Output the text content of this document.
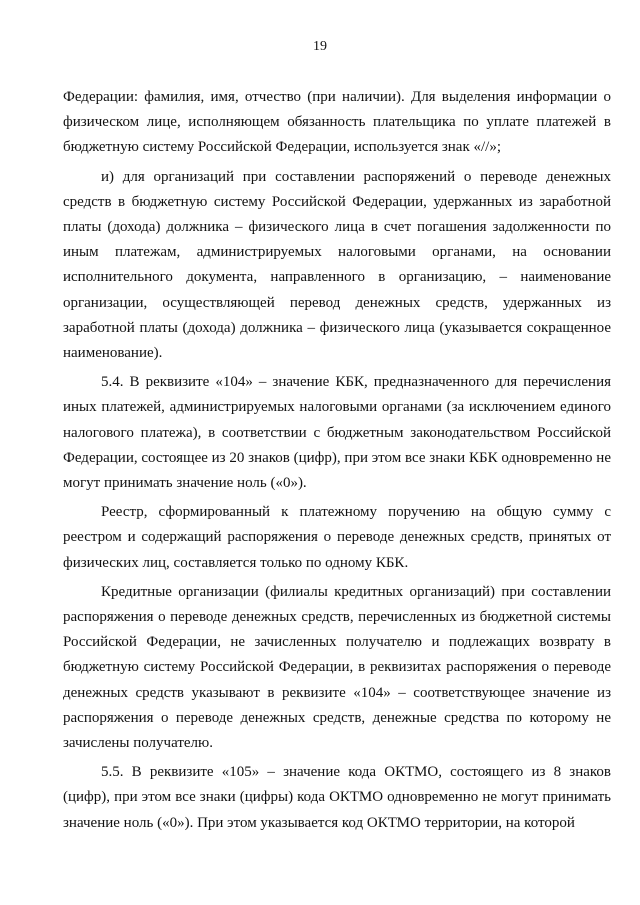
19

Федерации: фамилия, имя, отчество (при наличии). Для выделения информации о физическом лице, исполняющем обязанность плательщика по уплате платежей в бюджетную систему Российской Федерации, используется знак «//»;

и) для организаций при составлении распоряжений о переводе денежных средств в бюджетную систему Российской Федерации, удержанных из заработной платы (дохода) должника – физического лица в счет погашения задолженности по иным платежам, администрируемых налоговыми органами, на основании исполнительного документа, направленного в организацию, – наименование организации, осуществляющей перевод денежных средств, удержанных из заработной платы (дохода) должника – физического лица (указывается сокращенное наименование).

5.4. В реквизите «104» – значение КБК, предназначенного для перечисления иных платежей, администрируемых налоговыми органами (за исключением единого налогового платежа), в соответствии с бюджетным законодательством Российской Федерации, состоящее из 20 знаков (цифр), при этом все знаки КБК одновременно не могут принимать значение ноль («0»).

Реестр, сформированный к платежному поручению на общую сумму с реестром и содержащий распоряжения о переводе денежных средств, принятых от физических лиц, составляется только по одному КБК.

Кредитные организации (филиалы кредитных организаций) при составлении распоряжения о переводе денежных средств, перечисленных из бюджетной системы Российской Федерации, не зачисленных получателю и подлежащих возврату в бюджетную систему Российской Федерации, в реквизитах распоряжения о переводе денежных средств указывают в реквизите «104» – соответствующее значение из распоряжения о переводе денежных средств, денежные средства по которому не зачислены получателю.

5.5. В реквизите «105» – значение кода ОКТМО, состоящего из 8 знаков (цифр), при этом все знаки (цифры) кода ОКТМО одновременно не могут принимать значение ноль («0»). При этом указывается код ОКТМО территории, на которой
